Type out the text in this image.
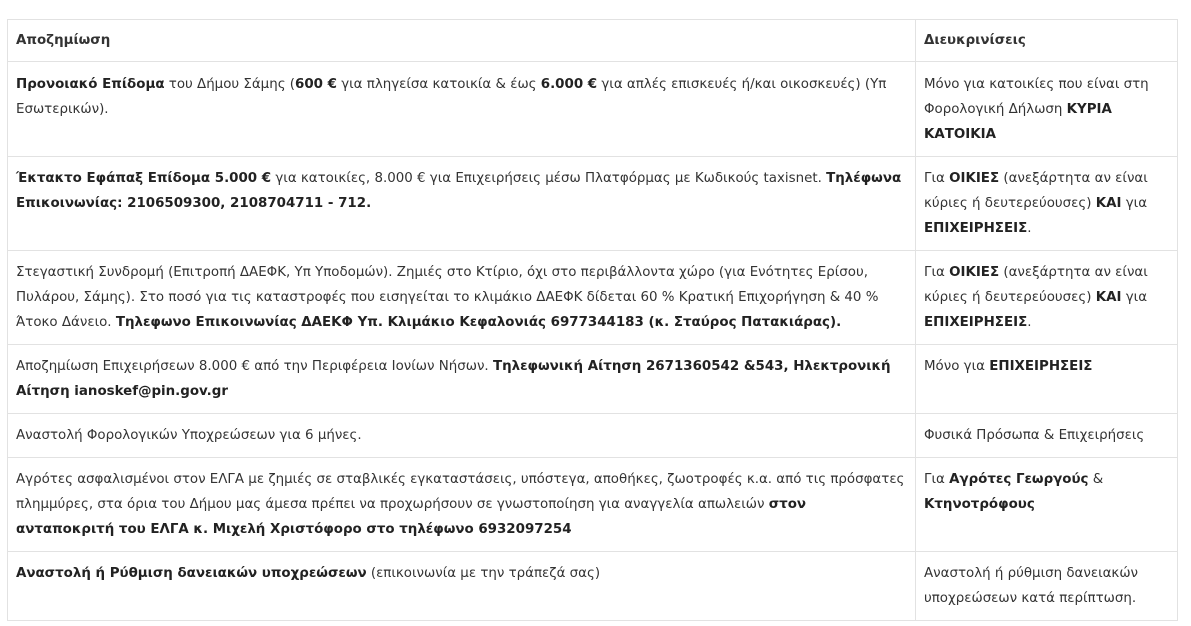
Αποζημίωση	Διευκρινίσεις
Προνοιακό Επίδομα του Δήμου Σάμης (600 € για πληγείσα κατοικία & έως 6.000 € για απλές επισκευές ή/και οικοσκευές) (Υπ Εσωτερικών).	Μόνο για κατοικίες που είναι στη Φορολογική Δήλωση ΚΥΡΙΑ ΚΑΤΟΙΚΙΑ
Έκτακτο Εφάπαξ Επίδομα 5.000 € για κατοικίες, 8.000 € για Επιχειρήσεις μέσω Πλατφόρμας με Κωδικούς taxisnet. Τηλέφωνα Επικοινωνίας: 2106509300, 2108704711 - 712.	Για ΟΙΚΙΕΣ (ανεξάρτητα αν είναι κύριες ή δευτερεύουσες) ΚΑΙ για ΕΠΙΧΕΙΡΗΣΕΙΣ.
Στεγαστική Συνδρομή (Επιτροπή ΔΑΕΦΚ, Υπ Υποδομών). Ζημιές στο Κτίριο, όχι στο περιβάλλοντα χώρο (για Ενότητες Ερίσου, Πυλάρου, Σάμης). Στο ποσό για τις καταστροφές που εισηγείται το κλιμάκιο ΔΑΕΦΚ δίδεται 60 % Κρατική Επιχορήγηση & 40 % Άτοκο Δάνειο. Τηλεφωνο Επικοινωνίας ΔΑΕΚΦ Υπ. Κλιμάκιο Κεφαλονιάς 6977344183 (κ. Σταύρος Πατακιάρας).	Για ΟΙΚΙΕΣ (ανεξάρτητα αν είναι κύριες ή δευτερεύουσες) ΚΑΙ για ΕΠΙΧΕΙΡΗΣΕΙΣ.
Αποζημίωση Επιχειρήσεων 8.000 € από την Περιφέρεια Ιονίων Νήσων. Τηλεφωνική Αίτηση 2671360542 &543, Ηλεκτρονική Αίτηση ianoskef@pin.gov.gr	Μόνο για ΕΠΙΧΕΙΡΗΣΕΙΣ
Αναστολή Φορολογικών Υποχρεώσεων για 6 μήνες.	Φυσικά Πρόσωπα & Επιχειρήσεις
Αγρότες ασφαλισμένοι στον ΕΛΓΑ με ζημιές σε σταβλικές εγκαταστάσεις, υπόστεγα, αποθήκες, ζωοτροφές κ.α. από τις πρόσφατες πλημμύρες, στα όρια του Δήμου μας άμεσα πρέπει να προχωρήσουν σε γνωστοποίηση για αναγγελία απωλειών στον ανταποκριτή του ΕΛΓΑ κ. Μιχελή Χριστόφορο στο τηλέφωνο 6932097254	Για Αγρότες Γεωργούς & Κτηνοτρόφους
Αναστολή ή Ρύθμιση δανειακών υποχρεώσεων (επικοινωνία με την τράπεζά σας)	Αναστολή ή ρύθμιση δανειακών υποχρεώσεων κατά περίπτωση.
